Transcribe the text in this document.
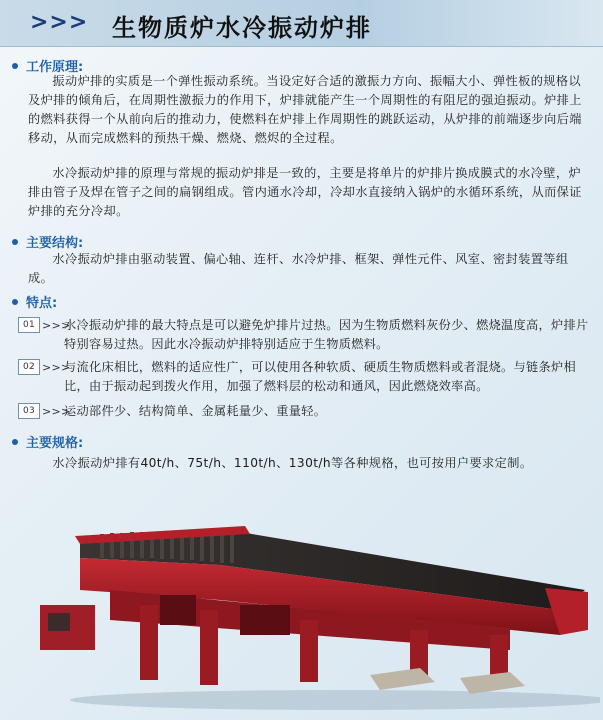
>>> 生物质炉水冷振动炉排
工作原理:

振动炉排的实质是一个弹性振动系统。当设定好合适的激振力方向、振幅大小、弹性板的规格以及炉排的倾角后，在周期性激振力的作用下，炉排就能产生一个周期性的有阻尼的强迫振动。炉排上的燃料获得一个从前向后的推动力，使燃料在炉排上作周期性的跳跃运动，从炉排的前端逐步向后端移动，从而完成燃料的预热干燥、燃烧、燃烬的全过程。

水冷振动炉排的原理与常规的振动炉排是一致的，主要是将单片的炉排片换成膜式的水冷壁，炉排由管子及焊在管子之间的扁钢组成。管内通水冷却，冷却水直接纳入锅炉的水循环系统，从而保证炉排的充分冷却。

主要结构:

水冷振动炉排由驱动装置、偏心轴、连杆、水冷炉排、框架、弹性元件、风室、密封装置等组成。

特点:
01 >>>
水冷振动炉排的最大特点是可以避免炉排片过热。因为生物质燃料灰份少、燃烧温度高，炉排片特别容易过热。因此水冷振动炉排特别适应于生物质燃料。
02 >>>
与流化床相比，燃料的适应性广，可以使用各种软质、硬质生物质燃料或者混烧。与链条炉相比，由于振动起到拨火作用，加强了燃料层的松动和通风，因此燃烧效率高。
03 >>>
运动部件少、结构简单、金属耗量少、重量轻。
主要规格:

水冷振动炉排有40t/h、75t/h、110t/h、130t/h等各种规格，也可按用户要求定制。
